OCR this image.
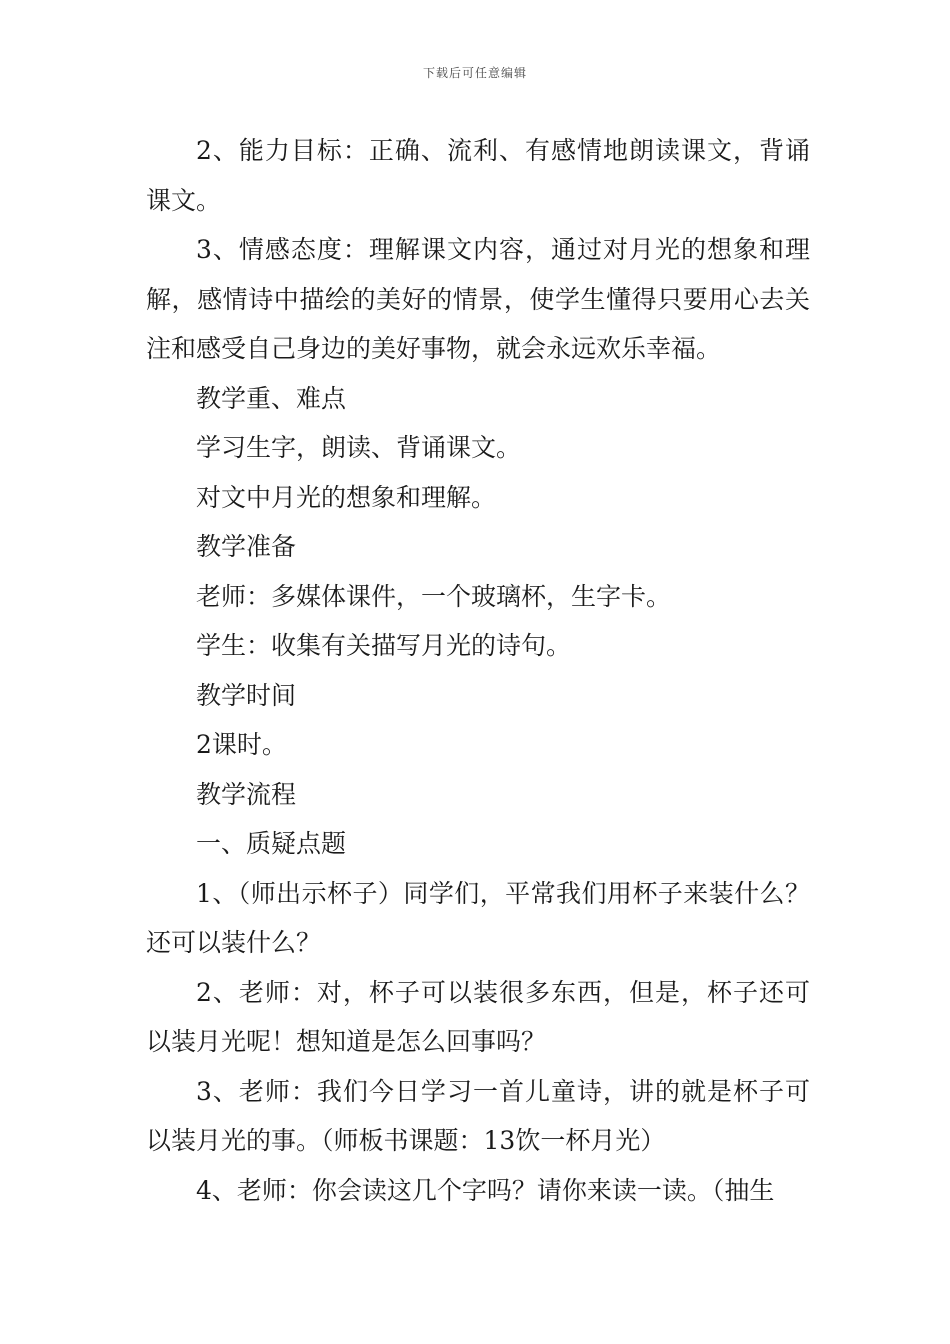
下载后可任意编辑

2、能力目标：正确、流利、有感情地朗读课文，背诵课文。

3、情感态度：理解课文内容，通过对月光的想象和理解，感情诗中描绘的美好的情景，使学生懂得只要用心去关注和感受自己身边的美好事物，就会永远欢乐幸福。

教学重、难点

学习生字，朗读、背诵课文。

对文中月光的想象和理解。

教学准备

老师：多媒体课件，一个玻璃杯，生字卡。

学生：收集有关描写月光的诗句。

教学时间

2课时。

教学流程

一、质疑点题

1、（师出示杯子）同学们，平常我们用杯子来装什么？还可以装什么？

2、老师：对，杯子可以装很多东西，但是，杯子还可以装月光呢！想知道是怎么回事吗？

3、老师：我们今日学习一首儿童诗，讲的就是杯子可以装月光的事。（师板书课题：13饮一杯月光）

4、老师：你会读这几个字吗？请你来读一读。（抽生
